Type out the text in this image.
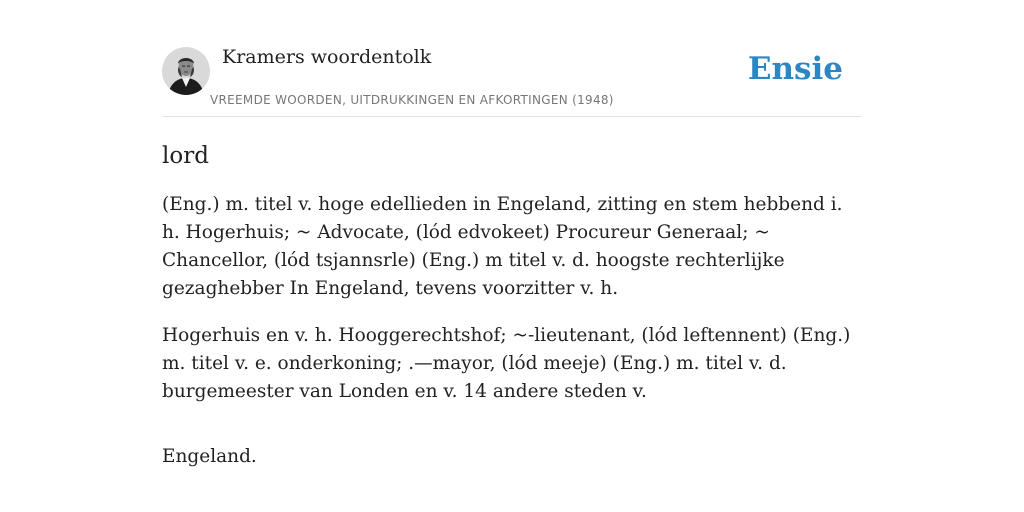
Kramers woordentolk
VREEMDE WOORDEN, UITDRUKKINGEN EN AFKORTINGEN (1948)
Ensie
lord

(Eng.) m. titel v. hoge edellieden in Engeland, zitting en stem hebbend i. h. Hogerhuis; ~ Advocate, (lód edvokeet) Procureur Generaal; ~ Chancellor, (lód tsjannsrle) (Eng.) m titel v. d. hoogste rechterlijke gezaghebber In Engeland, tevens voorzitter v. h.

Hogerhuis en v. h. Hooggerechtshof; ~-lieutenant, (lód leftennent) (Eng.) m. titel v. e. onderkoning; .—mayor, (lód meeje) (Eng.) m. titel v. d. burgemeester van Londen en v. 14 andere steden v.

Engeland.
